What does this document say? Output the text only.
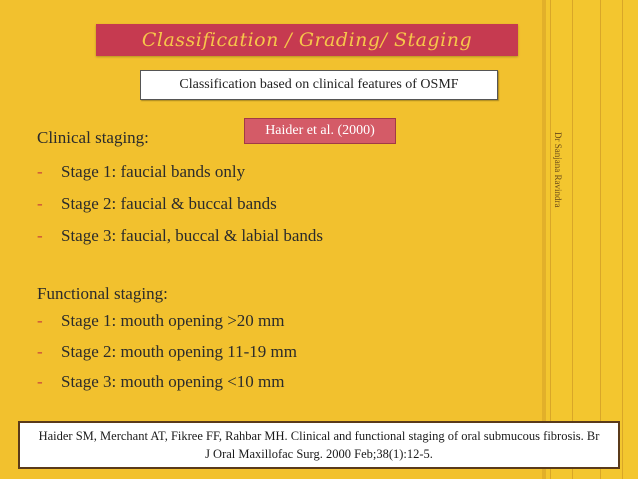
Classification / Grading/ Staging
Classification based on clinical features of OSMF
Haider et al. (2000)
Dr Sanjana Ravindra
Clinical staging:
-	Stage 1: faucial bands only
-	Stage 2: faucial & buccal bands
-	Stage 3: faucial, buccal & labial bands
Functional staging:
-	Stage 1: mouth opening >20 mm
-	Stage 2: mouth opening 11-19 mm
-	Stage 3: mouth opening <10 mm
Haider SM, Merchant AT, Fikree FF, Rahbar MH. Clinical and functional staging of oral submucous fibrosis. Br J Oral Maxillofac Surg. 2000 Feb;38(1):12-5.
